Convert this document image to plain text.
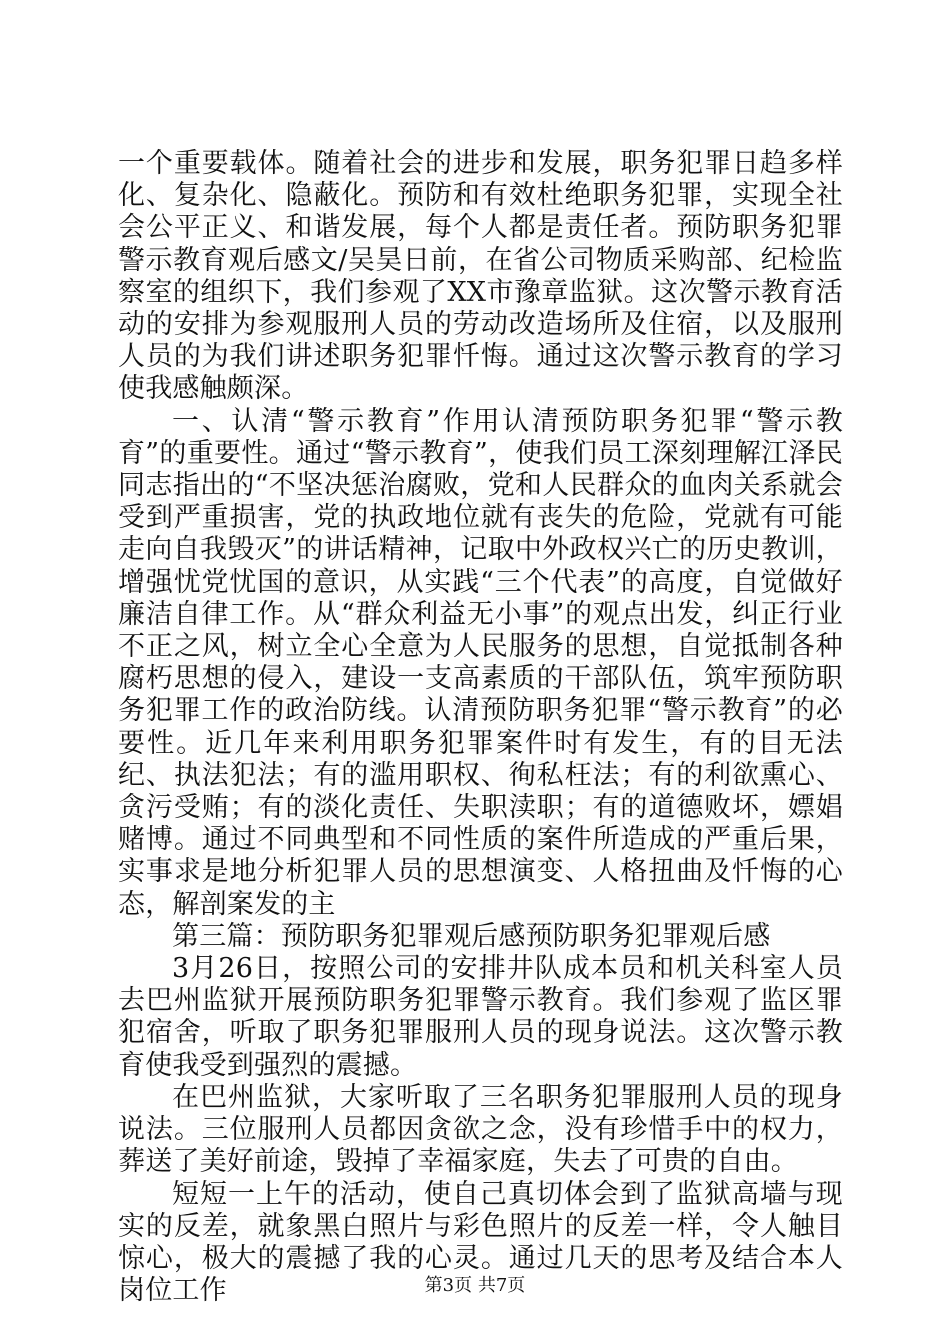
一个重要载体。随着社会的进步和发展，职务犯罪日趋多样化、复杂化、隐蔽化。预防和有效杜绝职务犯罪，实现全社会公平正义、和谐发展，每个人都是责任者。预防职务犯罪警示教育观后感文/吴昊日前，在省公司物质采购部、纪检监察室的组织下，我们参观了XX市豫章监狱。这次警示教育活动的安排为参观服刑人员的劳动改造场所及住宿，以及服刑人员的为我们讲述职务犯罪忏悔。通过这次警示教育的学习使我感触颇深。

一、认清“警示教育”作用认清预防职务犯罪“警示教育”的重要性。通过“警示教育”，使我们员工深刻理解江泽民同志指出的“不坚决惩治腐败，党和人民群众的血肉关系就会受到严重损害，党的执政地位就有丧失的危险，党就有可能走向自我毁灭”的讲话精神，记取中外政权兴亡的历史教训，增强忧党忧国的意识，从实践“三个代表”的高度，自觉做好廉洁自律工作。从“群众利益无小事”的观点出发，纠正行业不正之风，树立全心全意为人民服务的思想，自觉抵制各种腐朽思想的侵入，建设一支高素质的干部队伍，筑牢预防职务犯罪工作的政治防线。认清预防职务犯罪“警示教育”的必要性。近几年来利用职务犯罪案件时有发生，有的目无法纪、执法犯法；有的滥用职权、徇私枉法；有的利欲熏心、贪污受贿；有的淡化责任、失职渎职；有的道德败坏，嫖娼赌博。通过不同典型和不同性质的案件所造成的严重后果，实事求是地分析犯罪人员的思想演变、人格扭曲及忏悔的心态，解剖案发的主

第三篇：预防职务犯罪观后感预防职务犯罪观后感

3月26日，按照公司的安排井队成本员和机关科室人员去巴州监狱开展预防职务犯罪警示教育。我们参观了监区罪犯宿舍，听取了职务犯罪服刑人员的现身说法。这次警示教育使我受到强烈的震撼。

在巴州监狱，大家听取了三名职务犯罪服刑人员的现身说法。三位服刑人员都因贪欲之念，没有珍惜手中的权力，葬送了美好前途，毁掉了幸福家庭，失去了可贵的自由。

短短一上午的活动，使自己真切体会到了监狱高墙与现实的反差，就象黑白照片与彩色照片的反差一样，令人触目惊心，极大的震撼了我的心灵。通过几天的思考及结合本人岗位工作	第3页 共7页
